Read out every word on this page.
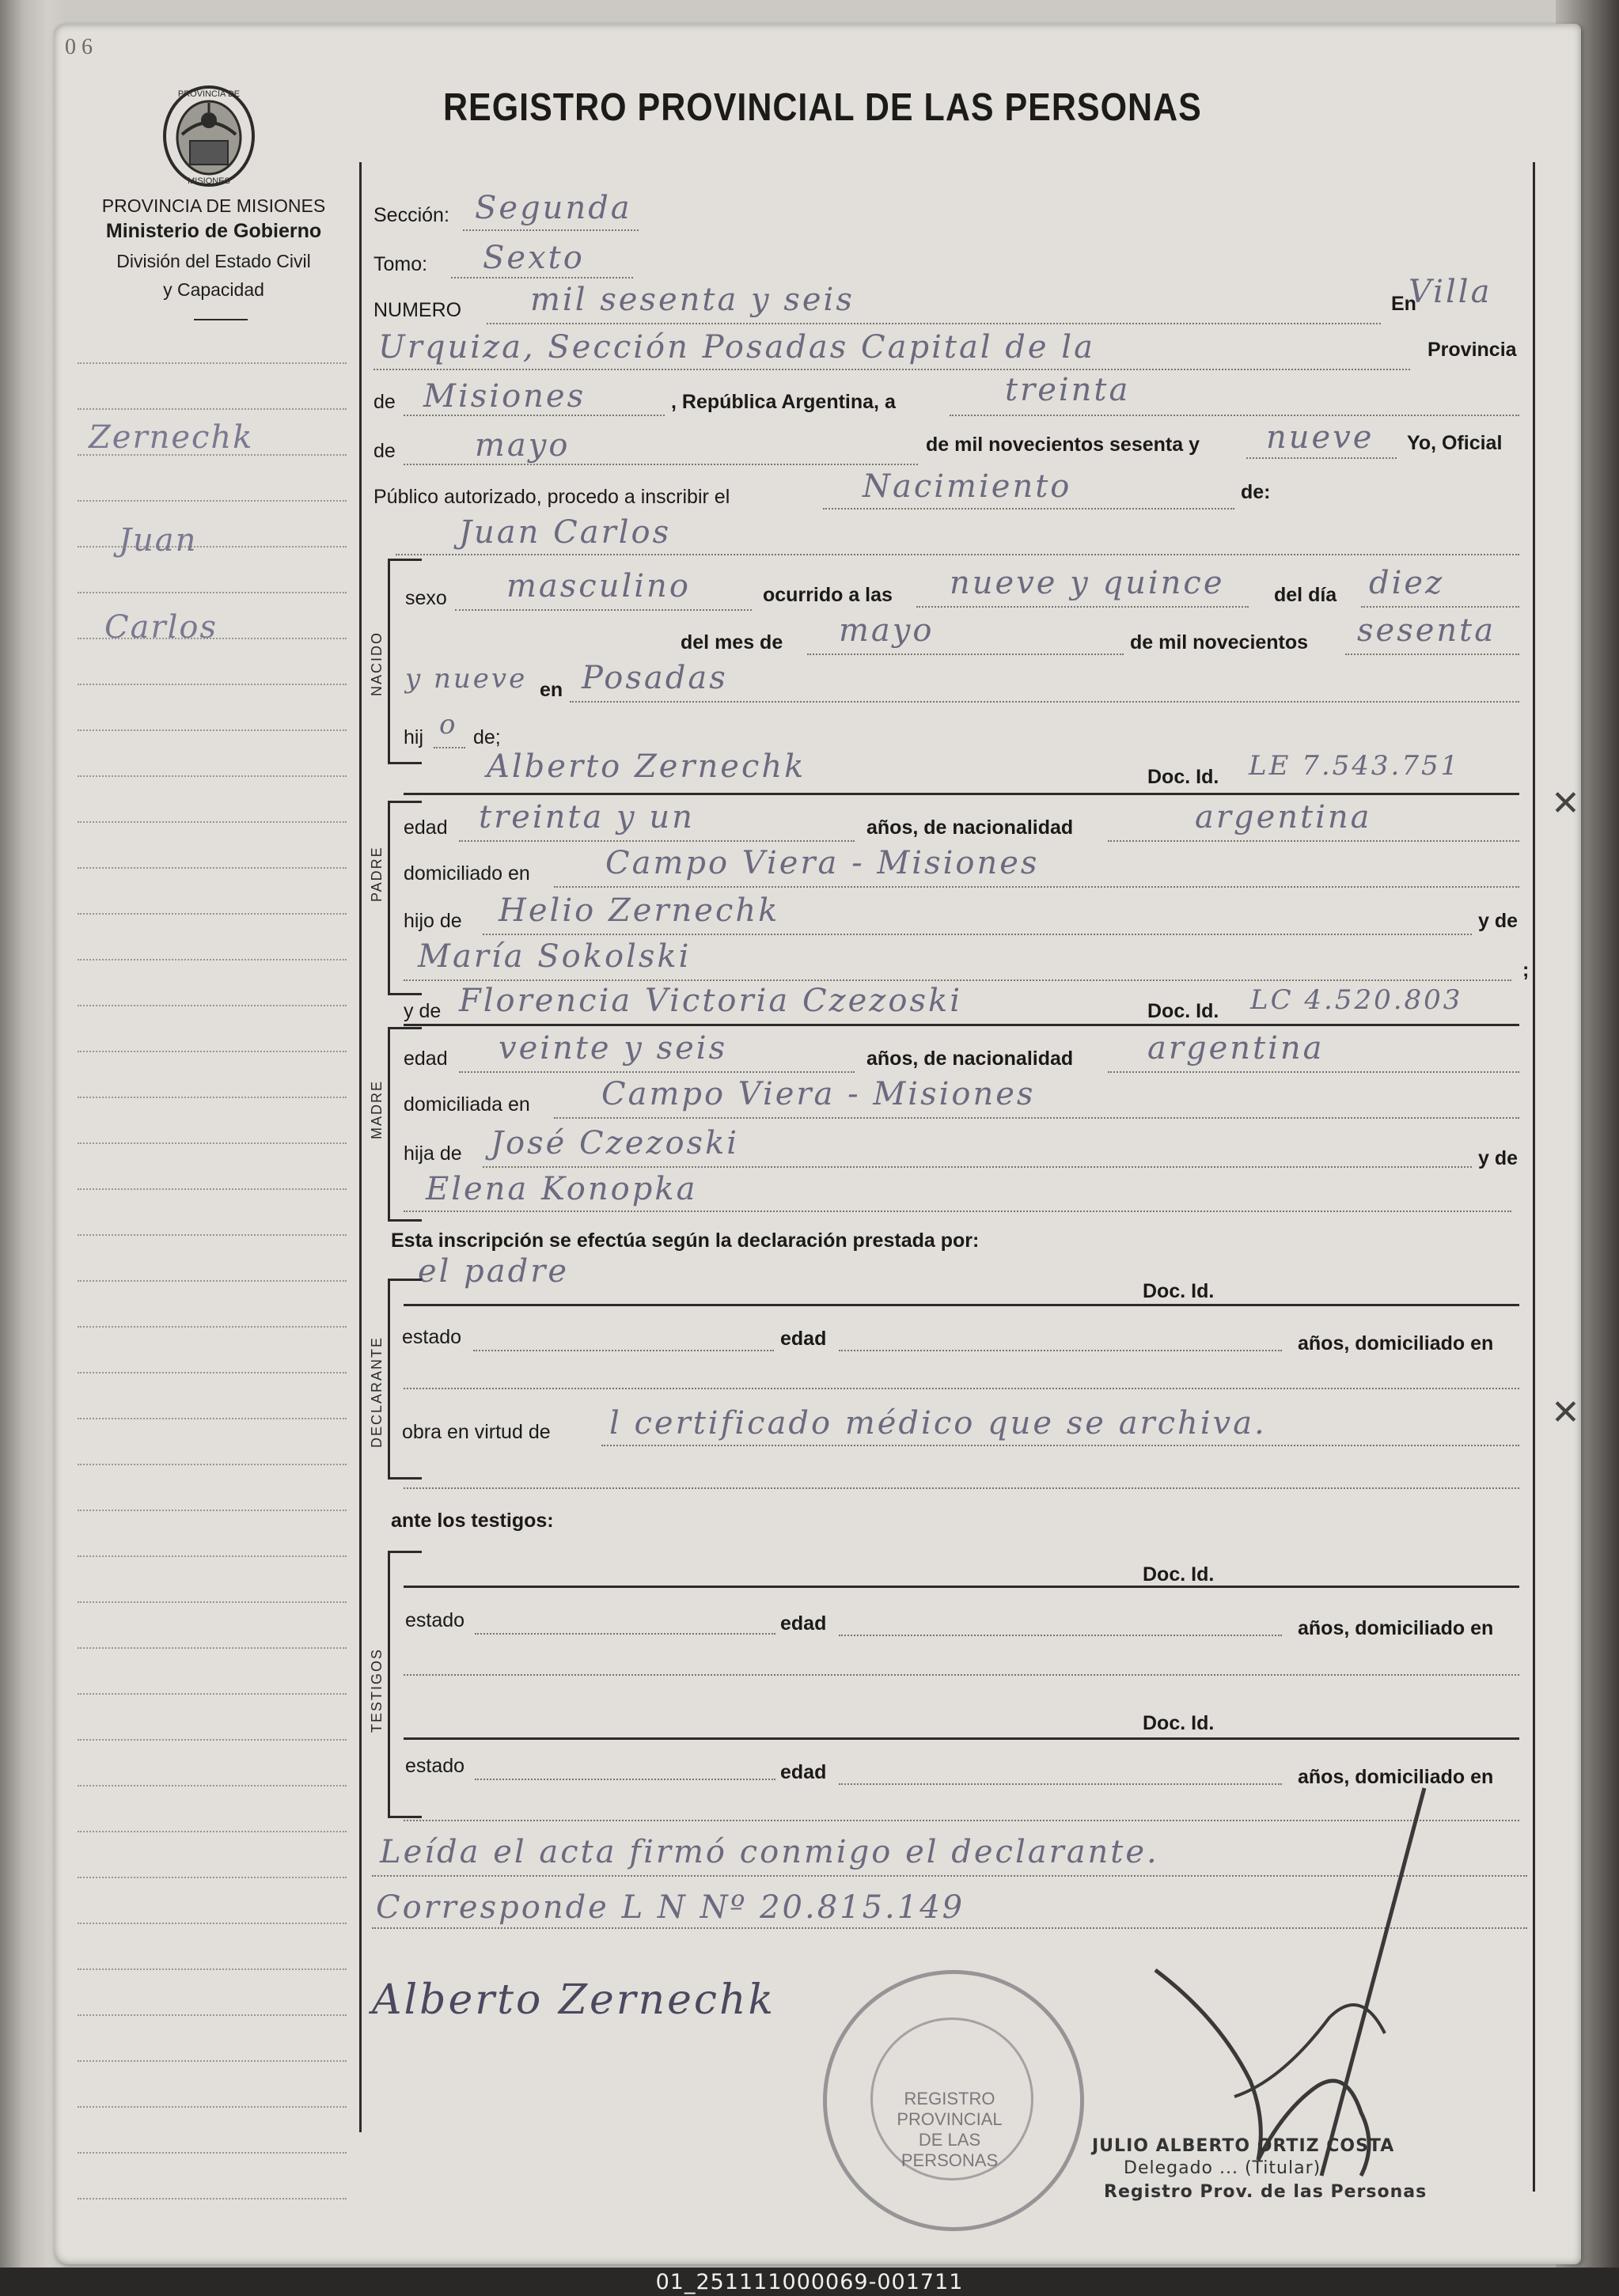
0 6
PROVINCIA DE
MISIONES
REGISTRO PROVINCIAL DE LAS PERSONAS
PROVINCIA DE MISIONES
Ministerio de Gobierno
División del Estado Civil
y Capacidad
Zernechk
Juan
Carlos
Sección: Segunda
Tomo: Sexto
NUMERO mil sesenta y seis	En
Villa
Urquiza, Sección Posadas Capital de la	Provincia
de Misiones	, República Argentina, a	treinta
de	mayo	de mil novecientos sesenta y nueve Yo, Oficial
Público autorizado, procedo a inscribir el	Nacimiento	de:
Juan Carlos
NACIDO
sexo masculino	ocurrido a las nueve y quince	del día diez
del mes de mayo	de mil novecientos sesenta
y nueve en Posadas
hij o de;
Alberto Zernechk	Doc. Id. LE 7.543.751
PADRE
edad treinta y un	años, de nacionalidad	argentina
domiciliado en Campo Viera - Misiones
hijo de Helio Zernechk	y de
María Sokolski	;
y de Florencia Victoria Czezoski	Doc. Id. LC 4.520.803
MADRE
edad veinte y seis	años, de nacionalidad argentina
domiciliada en Campo Viera - Misiones
hija de José Czezoski	y de
Elena Konopka
Esta inscripción se efectúa según la declaración prestada por:
el padre
Doc. Id.
DECLARANTE estado	edad	años, domiciliado en
obra en virtud de l certificado médico que se archiva.
ante los testigos:
TESTIGOS
Doc. Id.
estado	edad	años, domiciliado en
Doc. Id.
estado	edad	años, domiciliado en
Leída el acta firmó conmigo el declarante.
Corresponde L N Nº 20.815.149
Alberto Zernechk
REGISTRO PROVINCIAL DE LAS PERSONAS
JULIO ALBERTO ORTIZ COSTA
Delegado ... (Titular)
Registro Prov. de las Personas
✕
✕
01_251111000069-001711
